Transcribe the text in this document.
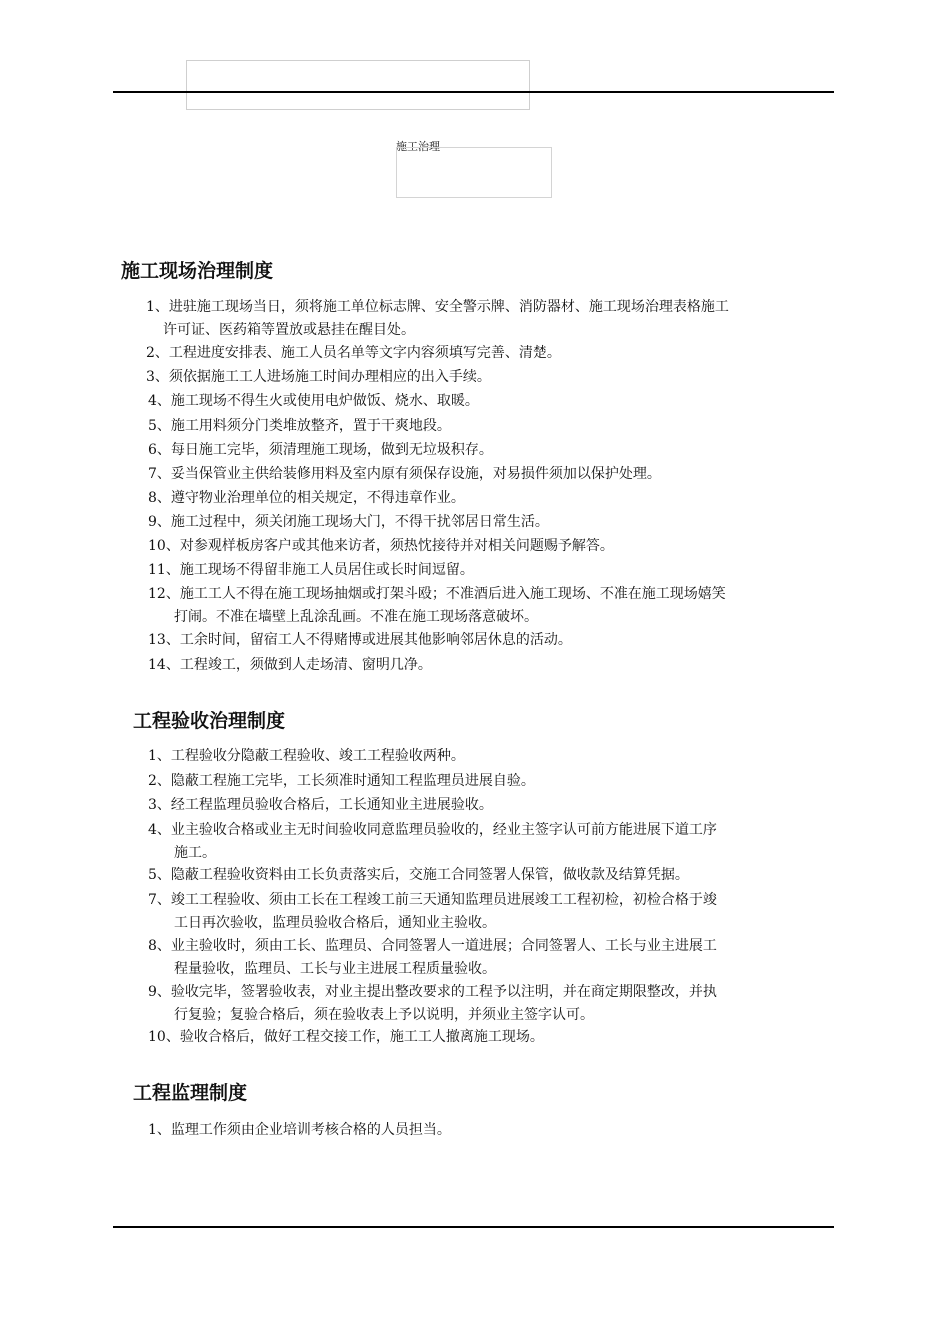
施工治理
施工现场治理制度
1、进驻施工现场当日，须将施工单位标志牌、安全警示牌、消防器材、施工现场治理表格施工
许可证、医药箱等置放或悬挂在醒目处。
2、工程进度安排表、施工人员名单等文字内容须填写完善、清楚。
3、须依据施工工人进场施工时间办理相应的出入手续。
4、施工现场不得生火或使用电炉做饭、烧水、取暖。
5、施工用料须分门类堆放整齐，置于干爽地段。
6、每日施工完毕，须清理施工现场，做到无垃圾积存。
7、妥当保管业主供给装修用料及室内原有须保存设施，对易损件须加以保护处理。
8、遵守物业治理单位的相关规定，不得违章作业。
9、施工过程中，须关闭施工现场大门，不得干扰邻居日常生活。
10、对参观样板房客户或其他来访者，须热忱接待并对相关问题赐予解答。
11、施工现场不得留非施工人员居住或长时间逗留。
12、施工工人不得在施工现场抽烟或打架斗殴；不准酒后进入施工现场、不准在施工现场嬉笑
打闹。不准在墙壁上乱涂乱画。不准在施工现场落意破坏。
13、工余时间，留宿工人不得赌博或进展其他影响邻居休息的活动。
14、工程竣工，须做到人走场清、窗明几净。
工程验收治理制度
1、工程验收分隐蔽工程验收、竣工工程验收两种。
2、隐蔽工程施工完毕，工长须准时通知工程监理员进展自验。
3、经工程监理员验收合格后，工长通知业主进展验收。
4、业主验收合格或业主无时间验收同意监理员验收的，经业主签字认可前方能进展下道工序
施工。
5、隐蔽工程验收资料由工长负责落实后，交施工合同签署人保管，做收款及结算凭据。
7、竣工工程验收、须由工长在工程竣工前三天通知监理员进展竣工工程初检，初检合格于竣
工日再次验收，监理员验收合格后，通知业主验收。
8、业主验收时，须由工长、监理员、合同签署人一道进展；合同签署人、工长与业主进展工
程量验收，监理员、工长与业主进展工程质量验收。
9、验收完毕，签署验收表，对业主提出整改要求的工程予以注明，并在商定期限整改，并执
行复验；复验合格后，须在验收表上予以说明，并须业主签字认可。
10、验收合格后，做好工程交接工作，施工工人撤离施工现场。
工程监理制度
1、监理工作须由企业培训考核合格的人员担当。
